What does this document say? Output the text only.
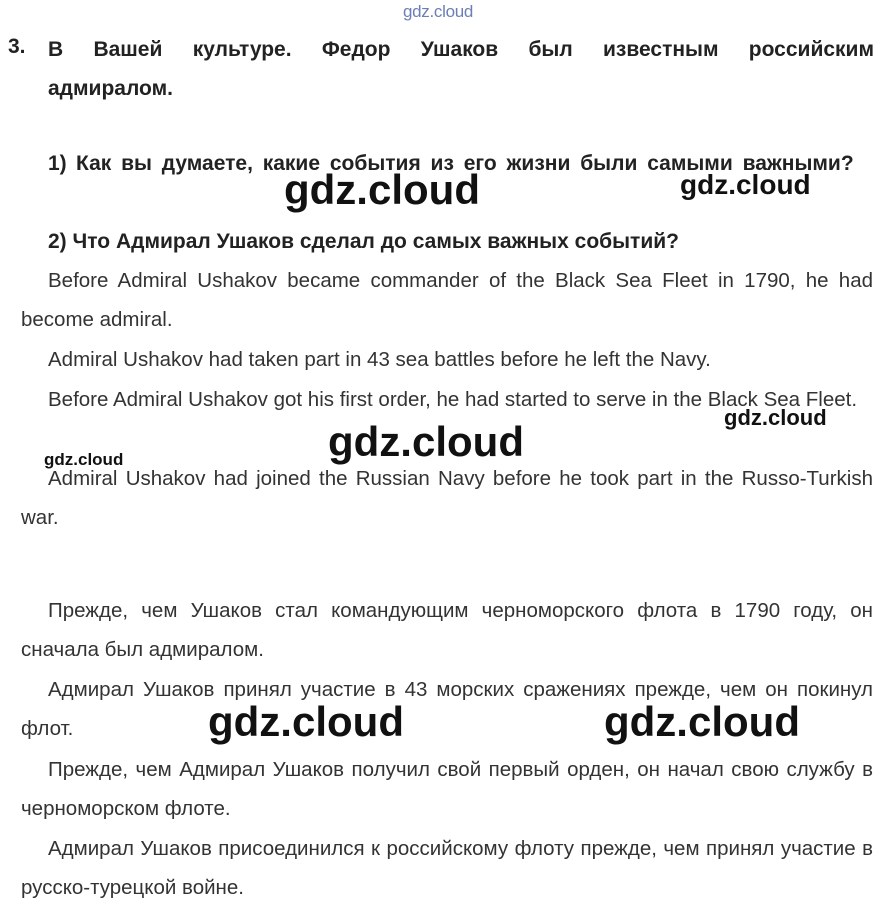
gdz.cloud
3. В Вашей культуре. Федор Ушаков был известным российским адмиралом.
1) Как вы думаете, какие события из его жизни были самыми важными?
2) Что Адмирал Ушаков сделал до самых важных событий?
Before Admiral Ushakov became commander of the Black Sea Fleet in 1790, he had become admiral.
Admiral Ushakov had taken part in 43 sea battles before he left the Navy.
Before Admiral Ushakov got his first order, he had started to serve in the Black Sea Fleet.
Admiral Ushakov had joined the Russian Navy before he took part in the Russo-Turkish war.
Прежде, чем Ушаков стал командующим черноморского флота в 1790 году, он сначала был адмиралом.
Адмирал Ушаков принял участие в 43 морских сражениях прежде, чем он покинул флот.
Прежде, чем Адмирал Ушаков получил свой первый орден, он начал свою службу в черноморском флоте.
Адмирал Ушаков присоединился к российскому флоту прежде, чем принял участие в русско-турецкой войне.
gdz.cloud	gdz.cloud
gdz.cloud
gdz.cloud
gdz.cloud
gdz.cloud	gdz.cloud
